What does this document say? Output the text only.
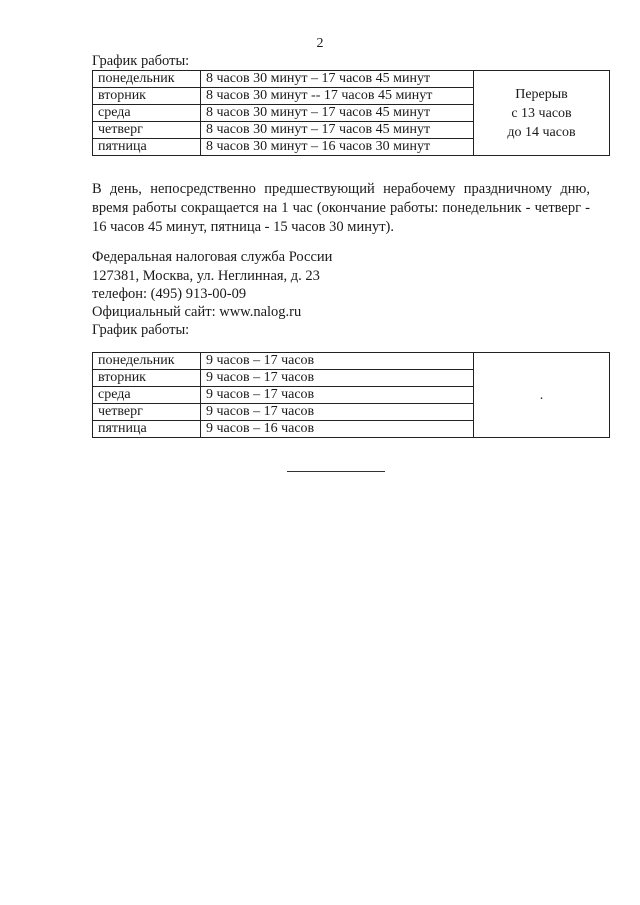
2
График работы:
понедельник	8 часов 30 минут – 17 часов 45 минут	Перерыв
с 13 часов
до 14 часов

вторник	8 часов 30 минут -- 17 часов 45 минут	
среда	8 часов 30 минут – 17 часов 45 минут	
четверг	8 часов 30 минут – 17 часов 45 минут	
пятница	8 часов 30 минут – 16 часов 30 минут	
В день, непосредственно предшествующий нерабочему праздничному дню, время работы сокращается на 1 час (окончание работы: понедельник - четверг - 16 часов 45 минут, пятница - 15 часов 30 минут).
Федеральная налоговая служба России
127381, Москва, ул. Неглинная, д. 23
телефон: (495) 913-00-09
Официальный сайт: www.nalog.ru
График работы:
понедельник	9 часов – 17 часов	.
вторник	9 часов – 17 часов	
среда	9 часов – 17 часов	
четверг	9 часов – 17 часов	
пятница	9 часов – 16 часов	
